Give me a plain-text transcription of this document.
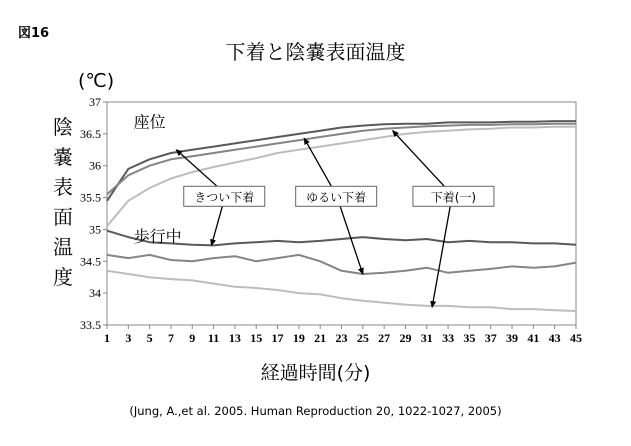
図16
下着と陰嚢表面温度
(℃)
陰嚢表面温度
経過時間(分)
(Jung, A.,et al. 2005. Human Reproduction 20, 1022-1027, 2005)
33.5
34
34.5
35
35.5
36
36.5
37
1 3 5 7 9 11 13 15 17 19 21 23 25 27 29 31 33 35 37 39 41 43 45
座位
歩行中
きつい下着	ゆるい下着	下着(一)
